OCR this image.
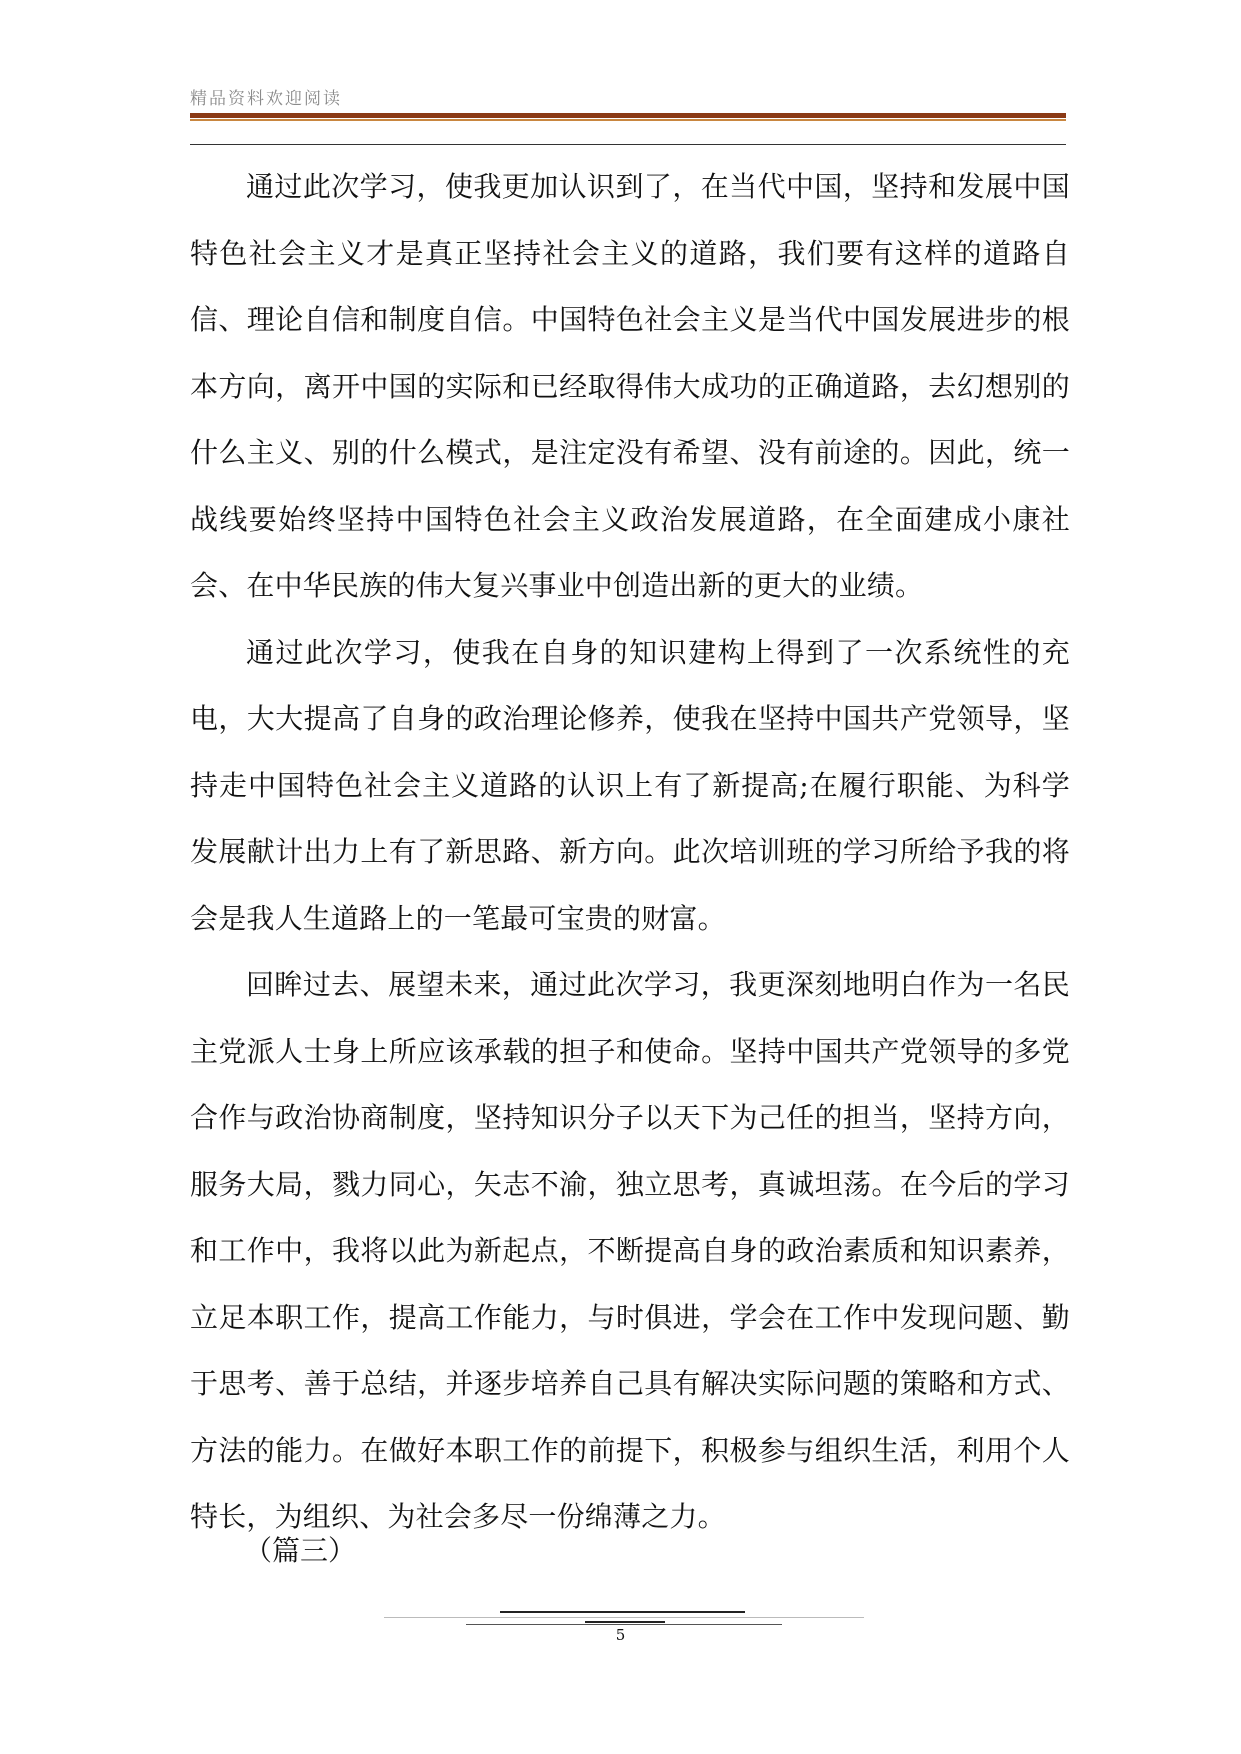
精品资料欢迎阅读

通过此次学习，使我更加认识到了，在当代中国，坚持和发展中国特色社会主义才是真正坚持社会主义的道路，我们要有这样的道路自信、理论自信和制度自信。中国特色社会主义是当代中国发展进步的根本方向，离开中国的实际和已经取得伟大成功的正确道路，去幻想别的什么主义、别的什么模式，是注定没有希望、没有前途的。因此，统一战线要始终坚持中国特色社会主义政治发展道路，在全面建成小康社会、在中华民族的伟大复兴事业中创造出新的更大的业绩。

通过此次学习，使我在自身的知识建构上得到了一次系统性的充电，大大提高了自身的政治理论修养，使我在坚持中国共产党领导，坚持走中国特色社会主义道路的认识上有了新提高;在履行职能、为科学发展献计出力上有了新思路、新方向。此次培训班的学习所给予我的将会是我人生道路上的一笔最可宝贵的财富。

回眸过去、展望未来，通过此次学习，我更深刻地明白作为一名民主党派人士身上所应该承载的担子和使命。坚持中国共产党领导的多党合作与政治协商制度，坚持知识分子以天下为己任的担当，坚持方向，服务大局，戮力同心，矢志不渝，独立思考，真诚坦荡。在今后的学习和工作中，我将以此为新起点，不断提高自身的政治素质和知识素养，立足本职工作，提高工作能力，与时俱进，学会在工作中发现问题、勤于思考、善于总结，并逐步培养自己具有解决实际问题的策略和方式、方法的能力。在做好本职工作的前提下，积极参与组织生活，利用个人特长，为组织、为社会多尽一份绵薄之力。

（篇三）

5
